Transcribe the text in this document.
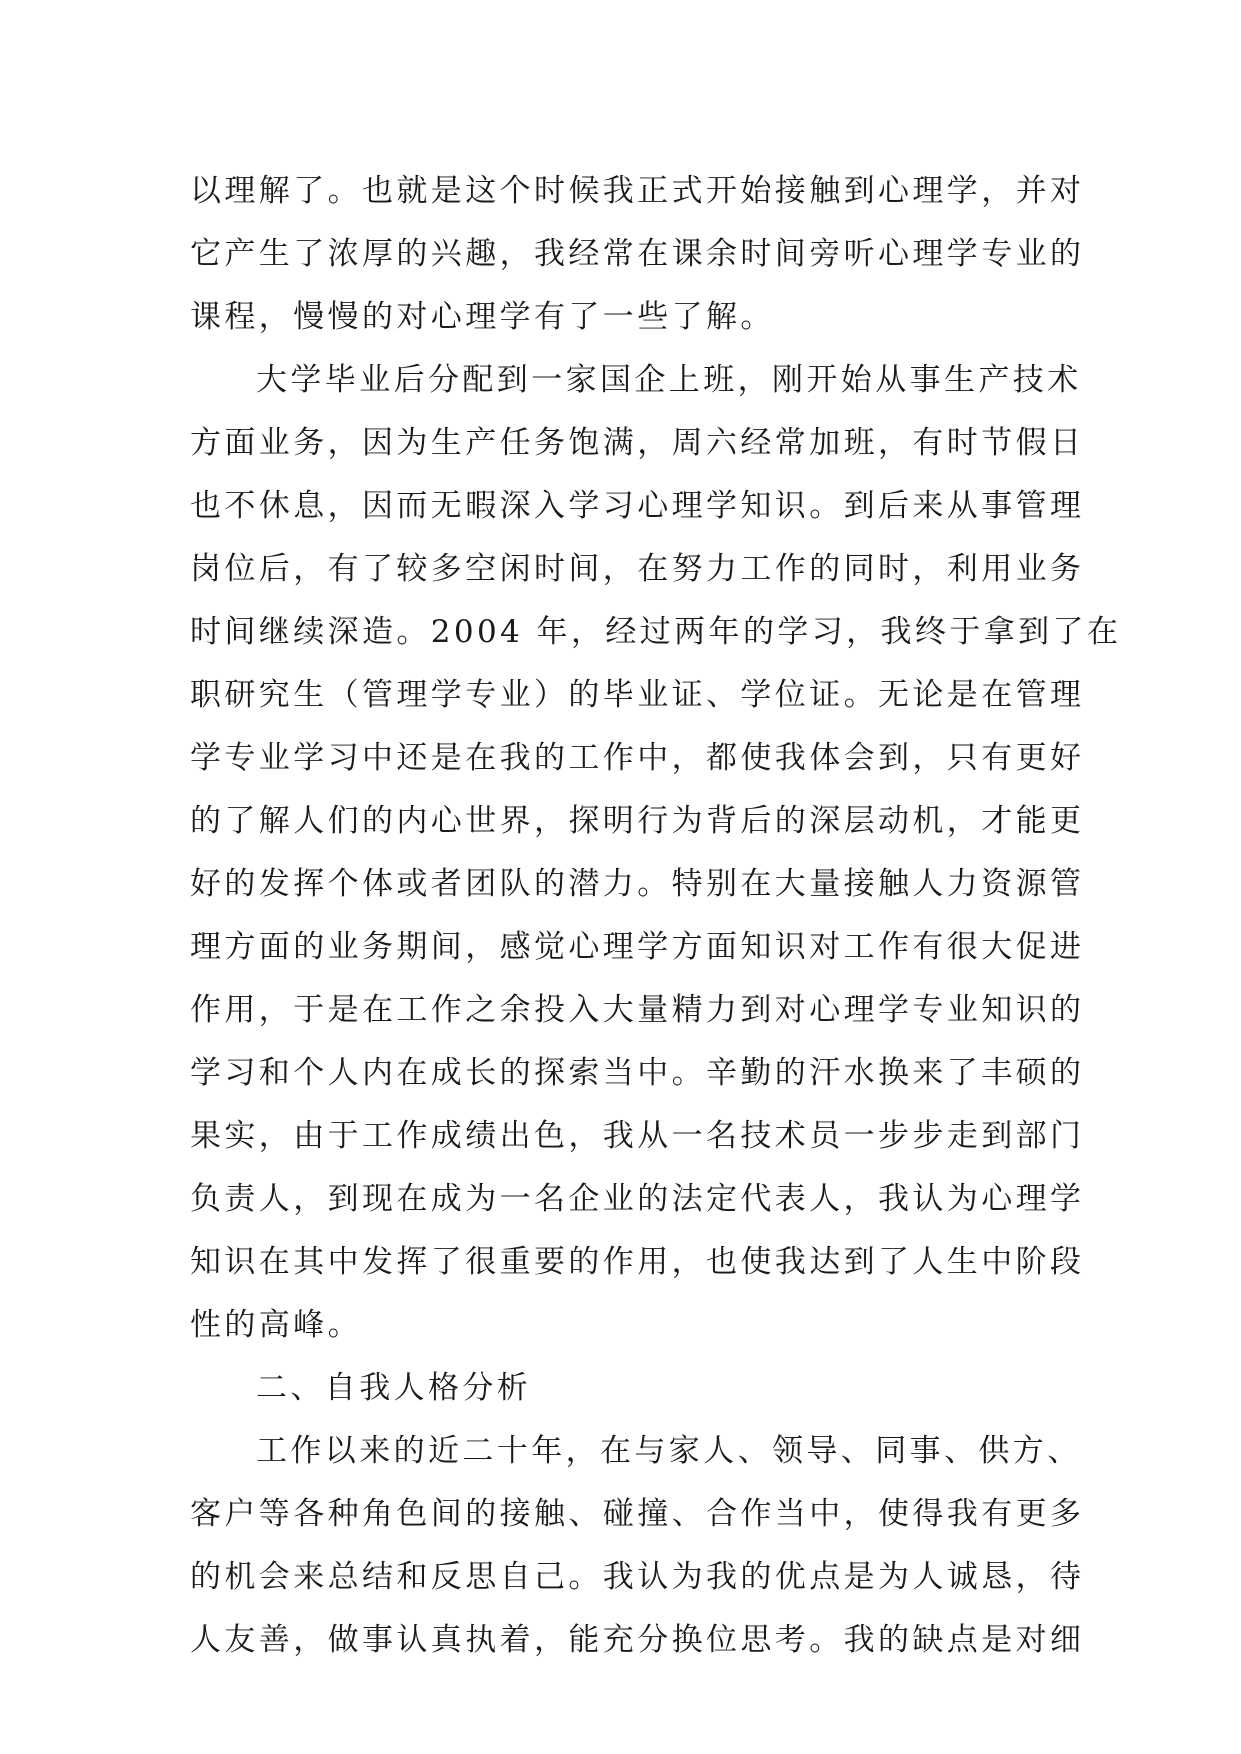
以理解了。也就是这个时候我正式开始接触到心理学，并对
它产生了浓厚的兴趣，我经常在课余时间旁听心理学专业的
课程，慢慢的对心理学有了一些了解。
大学毕业后分配到一家国企上班，刚开始从事生产技术
方面业务，因为生产任务饱满，周六经常加班，有时节假日
也不休息，因而无暇深入学习心理学知识。到后来从事管理
岗位后，有了较多空闲时间，在努力工作的同时，利用业务
时间继续深造。2004 年，经过两年的学习，我终于拿到了在
职研究生（管理学专业）的毕业证、学位证。无论是在管理
学专业学习中还是在我的工作中，都使我体会到，只有更好
的了解人们的内心世界，探明行为背后的深层动机，才能更
好的发挥个体或者团队的潜力。特别在大量接触人力资源管
理方面的业务期间，感觉心理学方面知识对工作有很大促进
作用，于是在工作之余投入大量精力到对心理学专业知识的
学习和个人内在成长的探索当中。辛勤的汗水换来了丰硕的
果实，由于工作成绩出色，我从一名技术员一步步走到部门
负责人，到现在成为一名企业的法定代表人，我认为心理学
知识在其中发挥了很重要的作用，也使我达到了人生中阶段
性的高峰。
二、自我人格分析
工作以来的近二十年，在与家人、领导、同事、供方、
客户等各种角色间的接触、碰撞、合作当中，使得我有更多
的机会来总结和反思自己。我认为我的优点是为人诚恳，待
人友善，做事认真执着，能充分换位思考。我的缺点是对细
